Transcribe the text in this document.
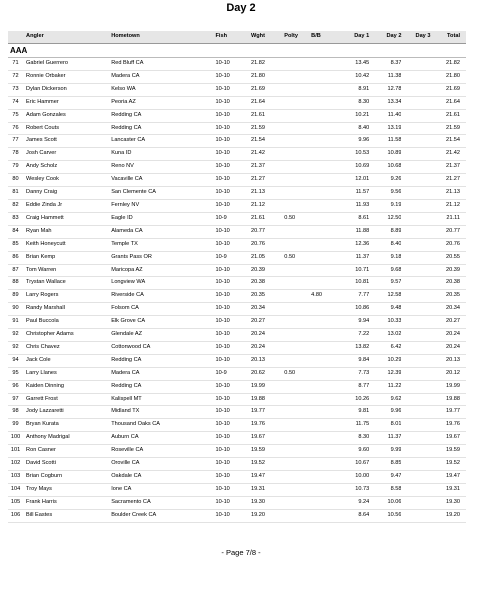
Day 2
	Angler	Hometown	Fish	Wght	Polty	B/B	Day 1	Day 2	Day 3	Total
AAA										
71	Gabriel Guerrero	Red Bluff CA	10-10	21.82			13.45	8.37		21.82
72	Ronnie Orbaker	Madera CA	10-10	21.80			10.42	11.38		21.80
73	Dylan Dickerson	Kelso WA	10-10	21.69			8.91	12.78		21.69
74	Eric Hammer	Peoria AZ	10-10	21.64			8.30	13.34		21.64
75	Adam Gonzales	Redding CA	10-10	21.61			10.21	11.40		21.61
76	Robert Couts	Redding CA	10-10	21.59			8.40	13.19		21.59
77	James Scott	Lancaster CA	10-10	21.54			9.96	11.58		21.54
78	Josh Carver	Kuna ID	10-10	21.42			10.53	10.89		21.42
79	Andy Scholz	Reno NV	10-10	21.37			10.69	10.68		21.37
80	Wesley Cook	Vacaville CA	10-10	21.27			12.01	9.26		21.27
81	Danny Craig	San Clemente CA	10-10	21.13			11.57	9.56		21.13
82	Eddie Zinda Jr	Fernley NV	10-10	21.12			11.93	9.19		21.12
83	Craig Hammett	Eagle ID	10-9	21.61	0.50		8.61	12.50		21.11
84	Ryan Mah	Alameda CA	10-10	20.77			11.88	8.89		20.77
85	Keith Honeycutt	Temple TX	10-10	20.76			12.36	8.40		20.76
86	Brian Kemp	Grants Pass OR	10-9	21.05	0.50		11.37	9.18		20.55
87	Tom Warren	Maricopa AZ	10-10	20.39			10.71	9.68		20.39
88	Trystan Wallace	Longview WA	10-10	20.38			10.81	9.57		20.38
89	Larry Rogers	Riverside CA	10-10	20.35		4.80	7.77	12.58		20.35
90	Randy Marshall	Folsom CA	10-10	20.34			10.86	9.48		20.34
91	Paul Buccola	Elk Grove CA	10-10	20.27			9.94	10.33		20.27
92	Christopher Adams	Glendale AZ	10-10	20.24			7.22	13.02		20.24
92	Chris Chavez	Cottonwood CA	10-10	20.24			13.82	6.42		20.24
94	Jack Cole	Redding CA	10-10	20.13			9.84	10.29		20.13
95	Larry Llanes	Madera CA	10-9	20.62	0.50		7.73	12.39		20.12
96	Kaiden Dinning	Redding CA	10-10	19.99			8.77	11.22		19.99
97	Garrett Frost	Kalispell MT	10-10	19.88			10.26	9.62		19.88
98	Jody Lazzaretti	Midland TX	10-10	19.77			9.81	9.96		19.77
99	Bryan Kurata	Thousand Oaks CA	10-10	19.76			11.75	8.01		19.76
100	Anthony Madrigal	Auburn CA	10-10	19.67			8.30	11.37		19.67
101	Ron Casner	Roseville CA	10-10	19.59			9.60	9.99		19.59
102	David Scotti	Oroville CA	10-10	19.52			10.67	8.85		19.52
103	Brian Cogburn	Oakdale CA	10-10	19.47			10.00	9.47		19.47
104	Troy Mays	Ione CA	10-10	19.31			10.73	8.58		19.31
105	Frank Harris	Sacramento CA	10-10	19.30			9.24	10.06		19.30
106	Bill Eastes	Boulder Creek CA	10-10	19.20			8.64	10.56		19.20
- Page 7/8 -
